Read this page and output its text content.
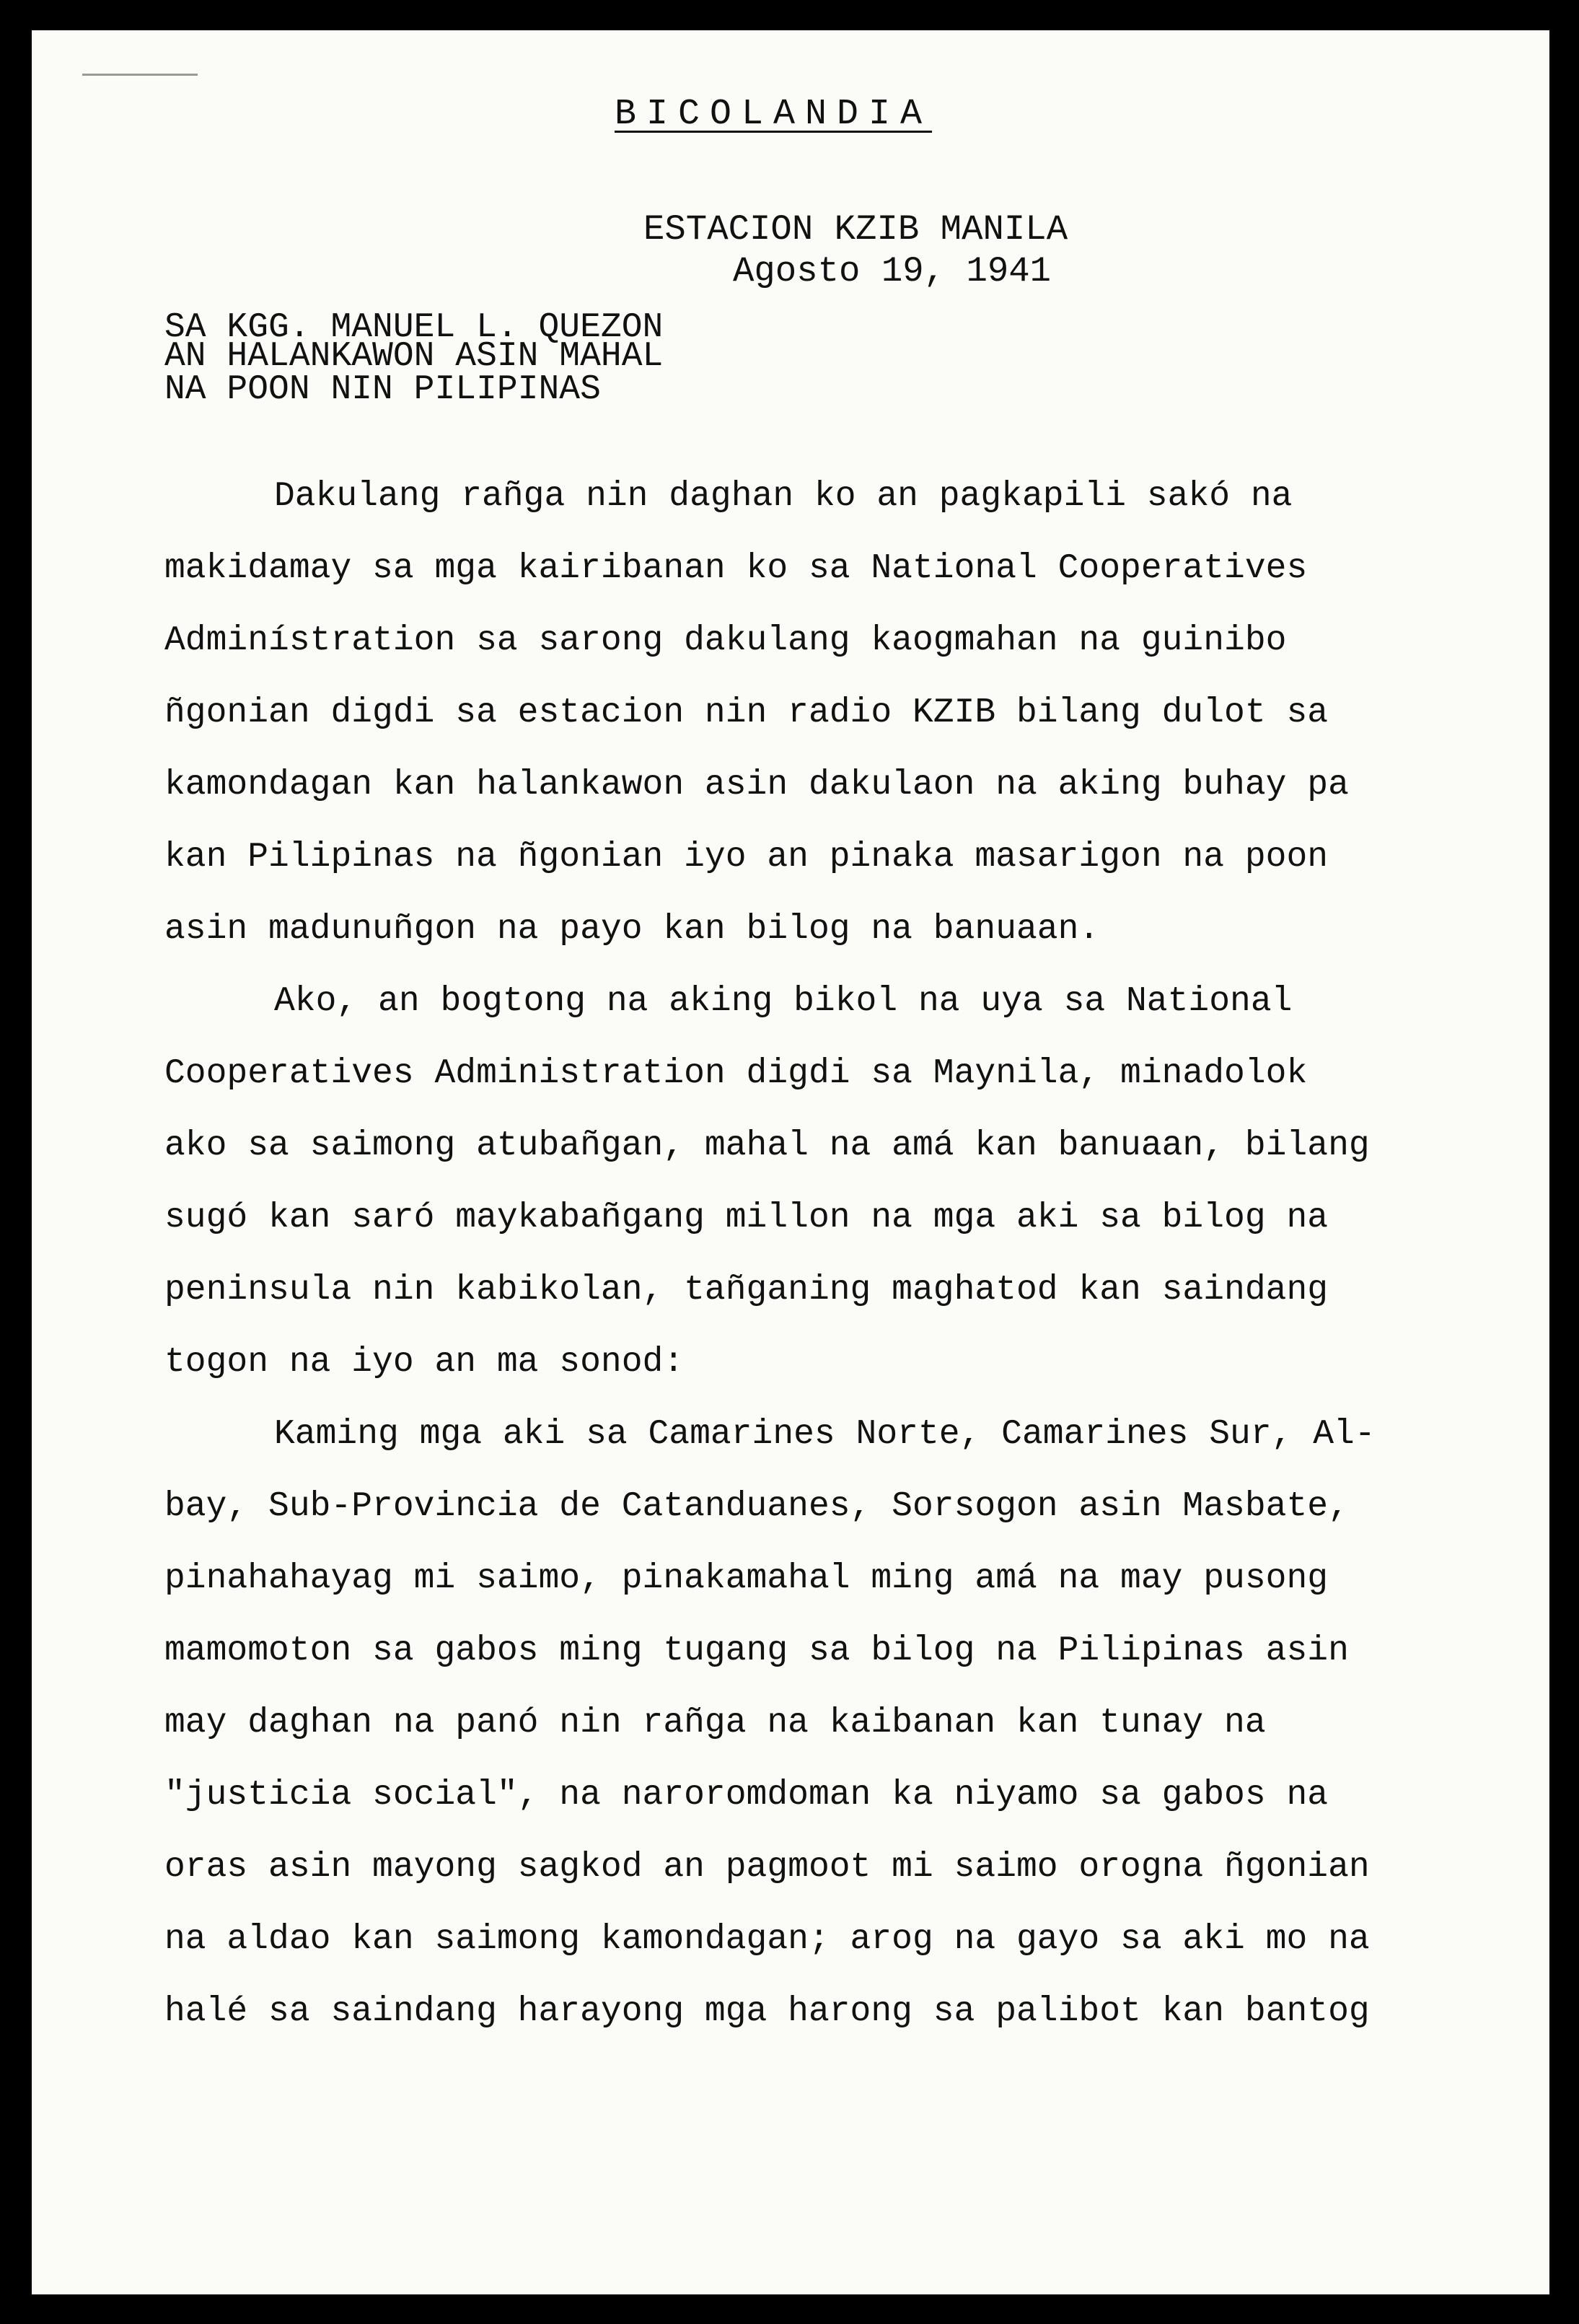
BICOLANDIA
ESTACION KZIB MANILA
Agosto 19, 1941
SA KGG. MANUEL L. QUEZON
AN HALANKAWON ASIN MAHAL
NA POON NIN PILIPINAS
Dakulang rañga nin daghan ko an pagkapili sakó na
makidamay sa mga kairibanan ko sa National Cooperatives
Adminístration sa sarong dakulang kaogmahan na guinibo
ñgonian digdi sa estacion nin radio KZIB bilang dulot sa
kamondagan kan halankawon asin dakulaon na aking buhay pa
kan Pilipinas na ñgonian iyo an pinaka masarigon na poon
asin madunuñgon na payo kan bilog na banuaan.
Ako, an bogtong na aking bikol na uya sa National
Cooperatives Administration digdi sa Maynila, minadolok
ako sa saimong atubañgan, mahal na amá kan banuaan, bilang
sugó kan saró maykabañgang millon na mga aki sa bilog na
peninsula nin kabikolan, tañganing maghatod kan saindang
togon na iyo an ma sonod:
Kaming mga aki sa Camarines Norte, Camarines Sur, Al-
bay, Sub-Provincia de Catanduanes, Sorsogon asin Masbate,
pinahahayag mi saimo, pinakamahal ming amá na may pusong
mamomoton sa gabos ming tugang sa bilog na Pilipinas asin
may daghan na panó nin rañga na kaibanan kan tunay na
"justicia social", na naroromdoman ka niyamo sa gabos na
oras asin mayong sagkod an pagmoot mi saimo orogna ñgonian
na aldao kan saimong kamondagan; arog na gayo sa aki mo na
halé sa saindang harayong mga harong sa palibot kan bantog
